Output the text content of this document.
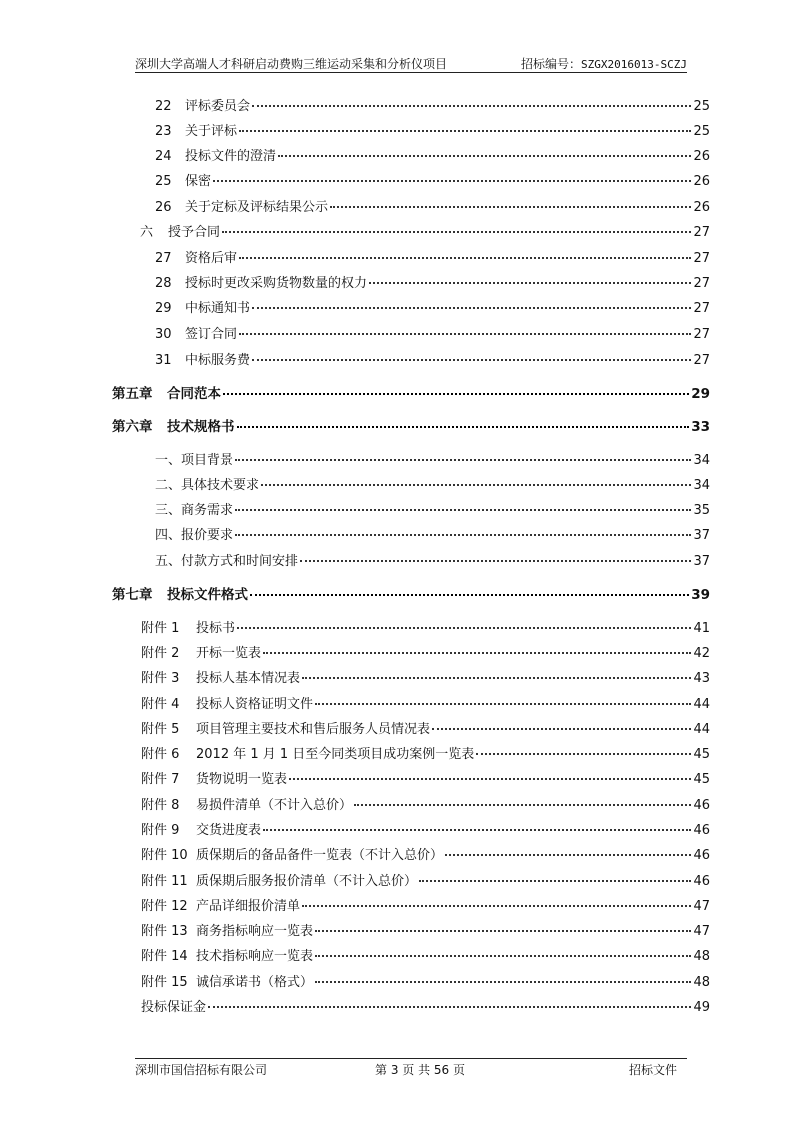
深圳大学高端人才科研启动费购三维运动采集和分析仪项目	招标编号：SZGX2016013-SCZJ
22	评标委员会	25
23	关于评标	25
24	投标文件的澄清	26
25	保密	26
26	关于定标及评标结果公示	26
六	授予合同	27
27	资格后审	27
28	授标时更改采购货物数量的权力	27
29	中标通知书	27
30	签订合同	27
31	中标服务费	27
第五章	合同范本	29
第六章	技术规格书	33
一、项目背景	34
二、具体技术要求	34
三、商务需求	35
四、报价要求	37
五、付款方式和时间安排	37
第七章	投标文件格式	39
附件 1	投标书	41
附件 2	开标一览表	42
附件 3	投标人基本情况表	43
附件 4	投标人资格证明文件	44
附件 5	项目管理主要技术和售后服务人员情况表	44
附件 6	2012 年 1 月 1 日至今同类项目成功案例一览表	45
附件 7	货物说明一览表	45
附件 8	易损件清单（不计入总价）	46
附件 9	交货进度表	46
附件 10 质保期后的备品备件一览表（不计入总价）	46
附件 11 质保期后服务报价清单（不计入总价）	46
附件 12 产品详细报价清单	47
附件 13 商务指标响应一览表	47
附件 14 技术指标响应一览表	48
附件 15 诚信承诺书（格式）	48
投标保证金	49
深圳市国信招标有限公司	第 3 页 共 56 页	招标文件
